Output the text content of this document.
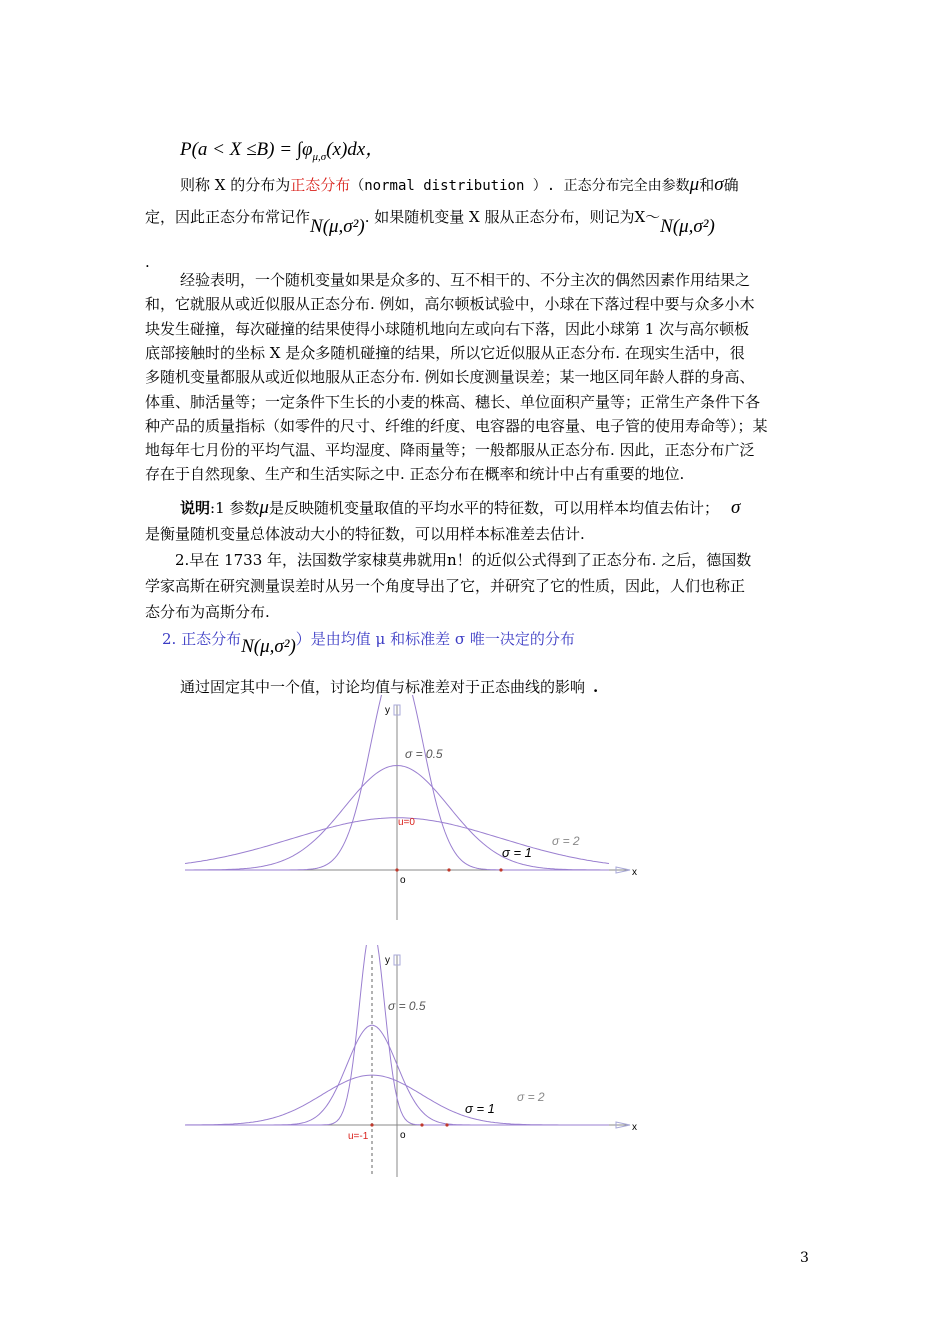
$P(a < X \le B) = \int\varphi_{\mu,\sigma}(x)dx$，
则称 X 的分布为正态分布（normal distribution ）. 正态分布完全由参数μ和σ确
定，因此正态分布常记作N(μ,σ²). 如果随机变量 X 服从正态分布，则记为X～N(μ,σ²)
.
经验表明，一个随机变量如果是众多的、互不相干的、不分主次的偶然因素作用结果之
和，它就服从或近似服从正态分布. 例如，高尔顿板试验中，小球在下落过程中要与众多小木
块发生碰撞，每次碰撞的结果使得小球随机地向左或向右下落，因此小球第 1 次与高尔顿板
底部接触时的坐标 X 是众多随机碰撞的结果，所以它近似服从正态分布. 在现实生活中，很
多随机变量都服从或近似地服从正态分布. 例如长度测量误差；某一地区同年龄人群的身高、
体重、肺活量等；一定条件下生长的小麦的株高、穗长、单位面积产量等；正常生产条件下各
种产品的质量指标（如零件的尺寸、纤维的纤度、电容器的电容量、电子管的使用寿命等）；某
地每年七月份的平均气温、平均湿度、降雨量等；一般都服从正态分布. 因此，正态分布广泛
存在于自然现象、生产和生活实际之中. 正态分布在概率和统计中占有重要的地位.
说明:1 参数μ是反映随机变量取值的平均水平的特征数，可以用样本均值去佑计； σ
是衡量随机变量总体波动大小的特征数，可以用样本标准差去估计.
2.早在 1733 年，法国数学家棣莫弗就用n！的近似公式得到了正态分布. 之后，德国数
学家高斯在研究测量误差时从另一个角度导出了它，并研究了它的性质，因此，人们也称正
态分布为高斯分布.
2. 正态分布N(μ,σ²)）是由均值 μ 和标准差 σ 唯一决定的分布
通过固定其中一个值，讨论均值与标准差对于正态曲线的影响 .
y
x
o
u=0
σ = 0.5
σ = 1
σ = 2
y
x
o
u=-1
σ = 0.5
σ = 1
σ = 2
3
